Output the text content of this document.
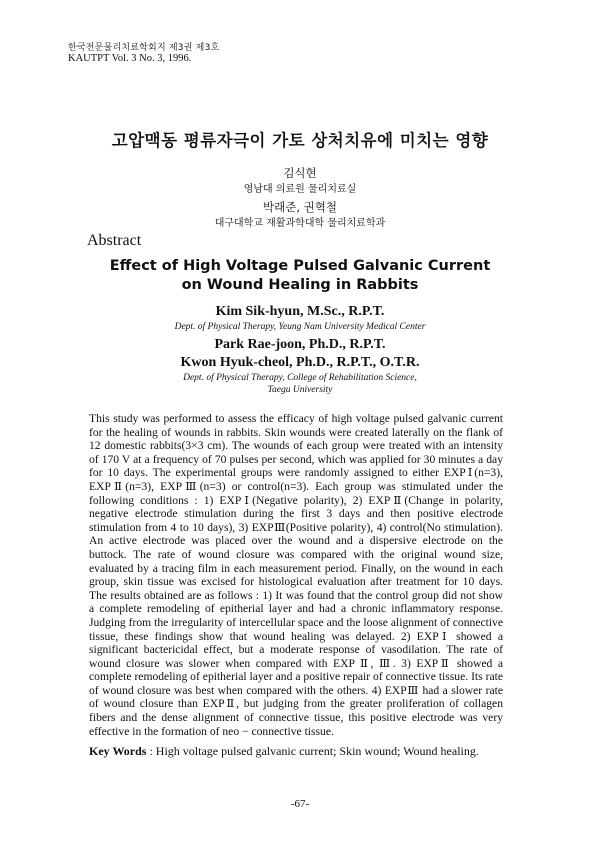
한국전문물리치료학회지 제3권 제3호
KAUTPT Vol. 3 No. 3, 1996.
고압맥동 평류자극이 가토 상처치유에 미치는 영향
김식현
영남대 의료원 물리치료실
박래준, 권혁철
대구대학교 재활과학대학 물리치료학과
Abstract
Effect of High Voltage Pulsed Galvanic Current
on Wound Healing in Rabbits
Kim Sik-hyun, M.Sc., R.P.T.
Dept. of Physical Therapy, Yeung Nam University Medical Center
Park Rae-joon, Ph.D., R.P.T.
Kwon Hyuk-cheol, Ph.D., R.P.T., O.T.R.
Dept. of Physical Therapy, College of Rehabilitation Science,
Taegu University

This study was performed to assess the efficacy of high voltage pulsed galvanic current for the healing of wounds in rabbits. Skin wounds were created laterally on the flank of 12 domestic rabbits(3×3 cm). The wounds of each group were treated with an intensity of 170 V at a frequency of 70 pulses per second, which was applied for 30 minutes a day for 10 days. The experimental groups were randomly assigned to either EXPⅠ(n=3), EXPⅡ(n=3), EXPⅢ(n=3) or control(n=3). Each group was stimulated under the following conditions : 1) EXPⅠ(Negative polarity), 2) EXPⅡ(Change in polarity, negative electrode stimulation during the first 3 days and then positive electrode stimulation from 4 to 10 days), 3) EXPⅢ(Positive polarity), 4) control(No stimulation). An active electrode was placed over the wound and a dispersive electrode on the buttock. The rate of wound closure was compared with the original wound size, evaluated by a tracing film in each measurement period. Finally, on the wound in each group, skin tissue was excised for histological evaluation after treatment for 10 days. The results obtained are as follows : 1) It was found that the control group did not show a complete remodeling of epitherial layer and had a chronic inflammatory response. Judging from the irregularity of intercellular space and the loose alignment of connective tissue, these findings show that wound healing was delayed. 2) EXPⅠ showed a significant bactericidal effect, but a moderate response of vasodilation. The rate of wound closure was slower when compared with EXP Ⅱ, Ⅲ. 3) EXPⅡ showed a complete remodeling of epitherial layer and a positive repair of connective tissue. Its rate of wound closure was best when compared with the others. 4) EXPⅢ had a slower rate of wound closure than EXPⅡ, but judging from the greater proliferation of collagen fibers and the dense alignment of connective tissue, this positive electrode was very effective in the formation of neo − connective tissue.

Key Words : High voltage pulsed galvanic current; Skin wound; Wound healing.
-67-
